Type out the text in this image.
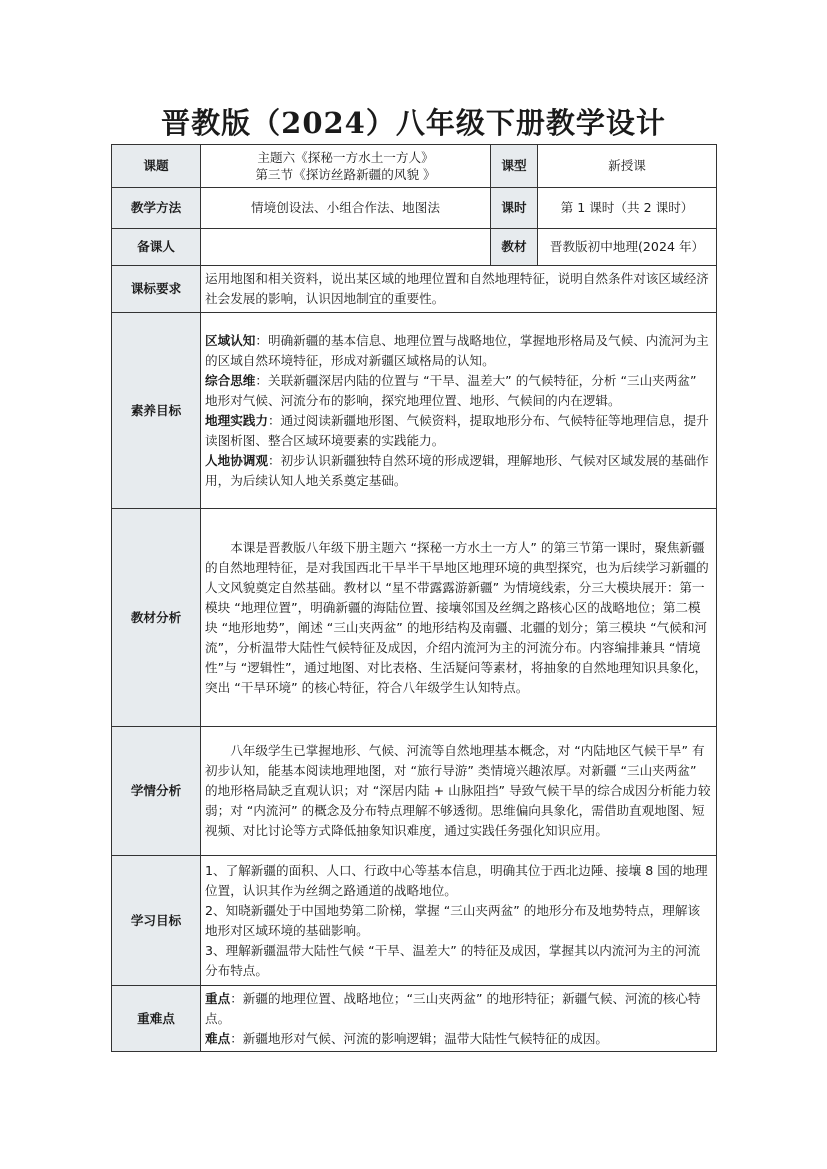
晋教版（2024）八年级下册教学设计
课题	主题六《探秘一方水土一方人》
第三节《探访丝路新疆的风貌 》	课型	新授课
教学方法	情境创设法、小组合作法、地图法	课时	第 1 课时（共 2 课时）
备课人		教材	晋教版初中地理(2024 年）
课标要求	运用地图和相关资料，说出某区域的地理位置和自然地理特征，说明自然条件对该区域经济社会发展的影响，认识因地制宜的重要性。		

素养目标	区域认知：明确新疆的基本信息、地理位置与战略地位，掌握地形格局及气候、内流河为主的区域自然环境特征，形成对新疆区域格局的认知。

综合思维：关联新疆深居内陆的位置与 “干旱、温差大” 的气候特征，分析 “三山夹两盆” 地形对气候、河流分布的影响，探究地理位置、地形、气候间的内在逻辑。

地理实践力：通过阅读新疆地形图、气候资料，提取地形分布、气候特征等地理信息，提升读图析图、整合区域环境要素的实践能力。

人地协调观：初步认识新疆独特自然环境的形成逻辑，理解地形、气候对区域发展的基础作用，为后续认知人地关系奠定基础。		

教材分析	本课是晋教版八年级下册主题六 “探秘一方水土一方人” 的第三节第一课时，聚焦新疆的自然地理特征，是对我国西北干旱半干旱地区地理环境的典型探究，也为后续学习新疆的人文风貌奠定自然基础。教材以 “星不带露露游新疆” 为情境线索，分三大模块展开：第一模块 “地理位置”，明确新疆的海陆位置、接壤邻国及丝绸之路核心区的战略地位；第二模块 “地形地势”，阐述 “三山夹两盆” 的地形结构及南疆、北疆的划分；第三模块 “气候和河流”，分析温带大陆性气候特征及成因，介绍内流河为主的河流分布。内容编排兼具 “情境性”与 “逻辑性”，通过地图、对比表格、生活疑问等素材，将抽象的自然地理知识具象化，突出 “干旱环境” 的核心特征，符合八年级学生认知特点。		

学情分析	八年级学生已掌握地形、气候、河流等自然地理基本概念，对 “内陆地区气候干旱” 有初步认知，能基本阅读地理地图，对 “旅行导游” 类情境兴趣浓厚。对新疆 “三山夹两盆” 的地形格局缺乏直观认识；对 “深居内陆 + 山脉阻挡” 导致气候干旱的综合成因分析能力较弱；对 “内流河” 的概念及分布特点理解不够透彻。思维偏向具象化，需借助直观地图、短视频、对比讨论等方式降低抽象知识难度，通过实践任务强化知识应用。		

学习目标	1、了解新疆的面积、人口、行政中心等基本信息，明确其位于西北边陲、接壤 8 国的地理位置，认识其作为丝绸之路通道的战略地位。

2、知晓新疆处于中国地势第二阶梯，掌握 “三山夹两盆” 的地形分布及地势特点，理解该地形对区域环境的基础影响。

3、理解新疆温带大陆性气候 “干旱、温差大” 的特征及成因，掌握其以内流河为主的河流分布特点。		

重难点	重点：新疆的地理位置、战略地位；“三山夹两盆” 的地形特征；新疆气候、河流的核心特点。

难点：新疆地形对气候、河流的影响逻辑；温带大陆性气候特征的成因。		
